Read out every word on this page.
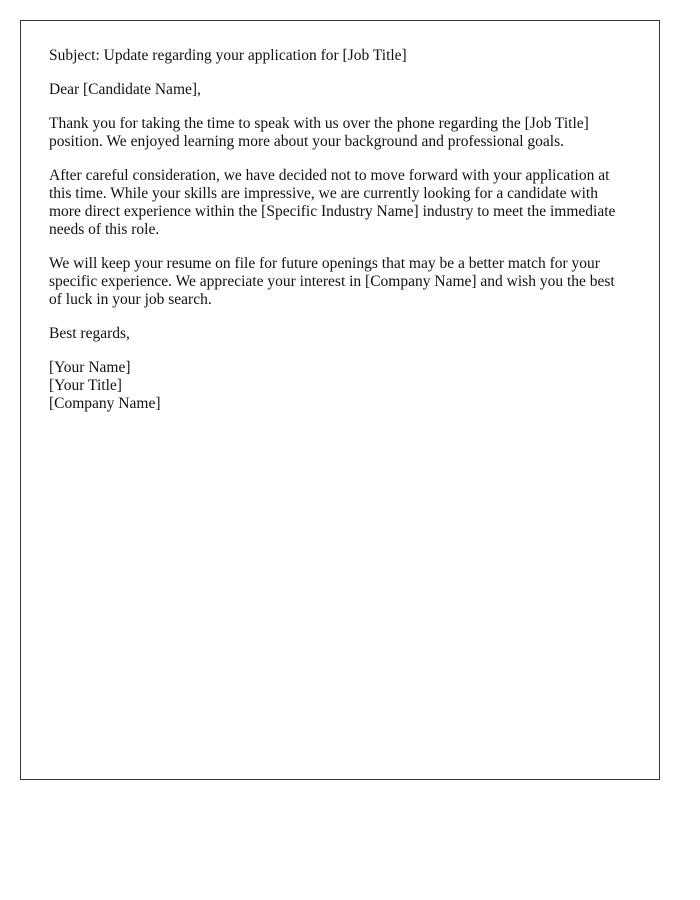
Subject: Update regarding your application for [Job Title]

Dear [Candidate Name],

Thank you for taking the time to speak with us over the phone regarding the [Job Title] position. We enjoyed learning more about your background and professional goals.

After careful consideration, we have decided not to move forward with your application at this time. While your skills are impressive, we are currently looking for a candidate with more direct experience within the [Specific Industry Name] industry to meet the immediate needs of this role.

We will keep your resume on file for future openings that may be a better match for your specific experience. We appreciate your interest in [Company Name] and wish you the best of luck in your job search.

Best regards,

[Your Name]
[Your Title]
[Company Name]
